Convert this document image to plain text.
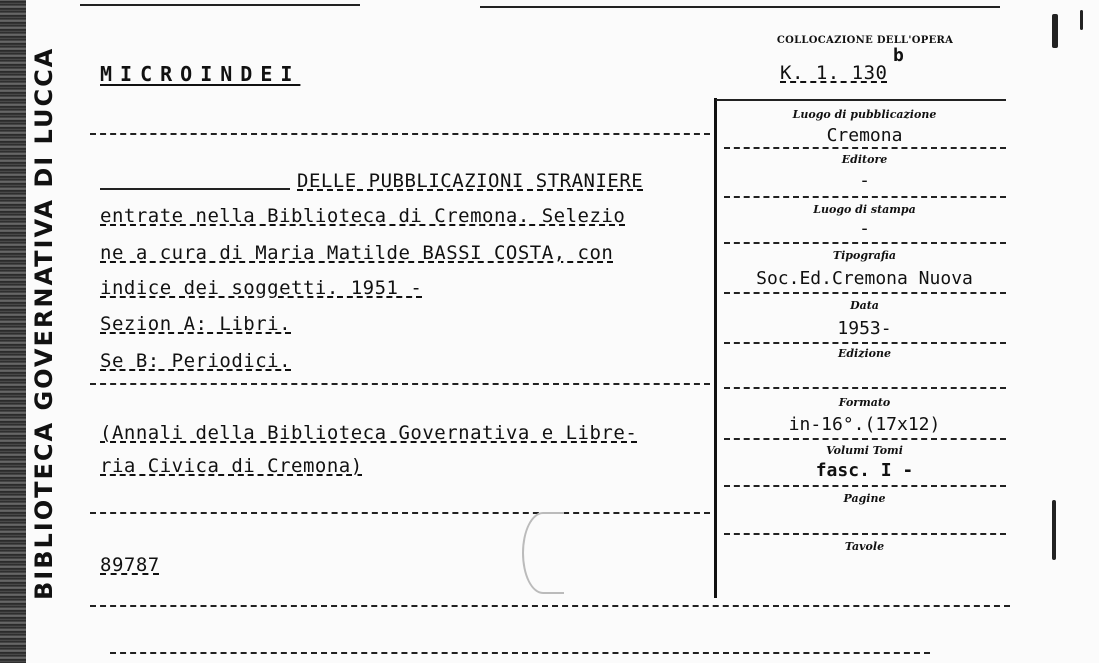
BIBLIOTECA GOVERNATIVA DI LUCCA
COLLOCAZIONE DELL'OPERA
b
K. 1. 130
MICROINDEI
DELLE PUBBLICAZIONI STRANIERE
entrate nella Biblioteca di Cremona. Selezio
ne a cura di Maria Matilde BASSI COSTA, con
indice dei soggetti. 1951 -
Sezion A: Libri.
Se B: Periodici.
(Annali della Biblioteca Governativa e Libre-
ria Civica di Cremona)
89787
Luogo di pubblicazione
Cremona
Editore
-
Luogo di stampa
-
Tipografia
Soc.Ed.Cremona Nuova
Data
1953-
Edizione
Formato
in-16°.(17x12)
Volumi Tomi
fasc. I -
Pagine
Tavole
